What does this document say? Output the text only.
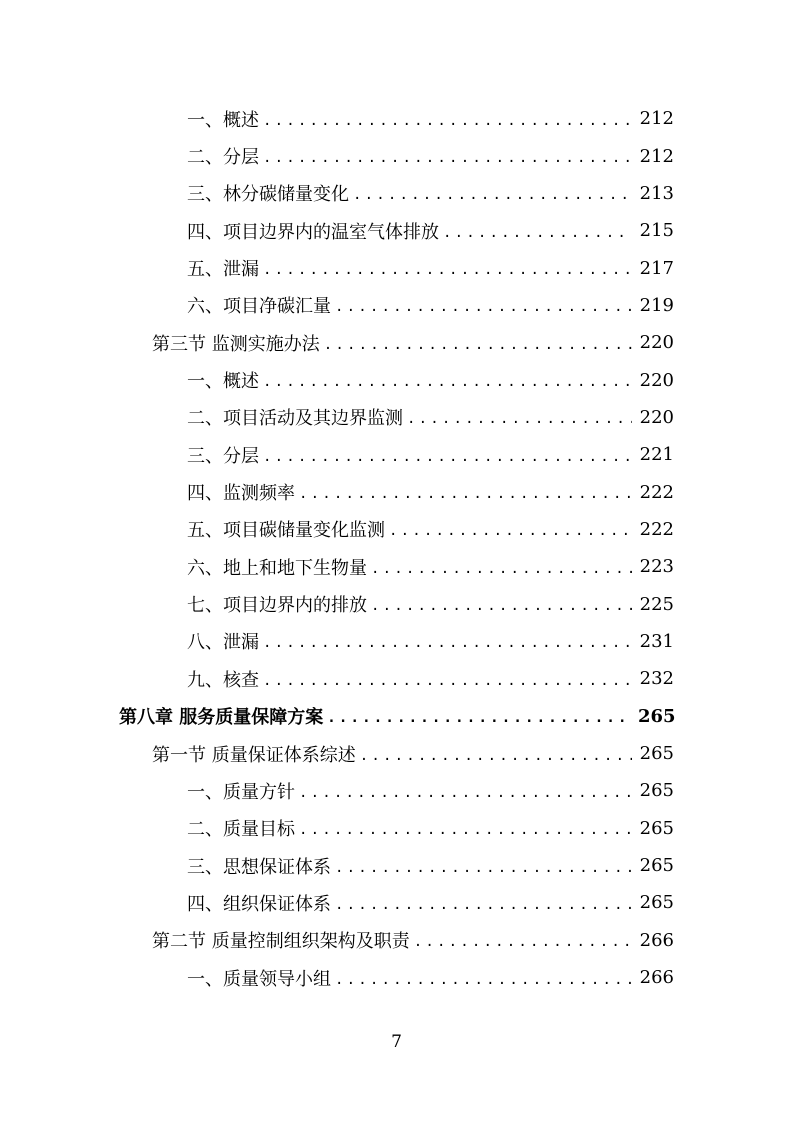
一、概述 .....	212
二、分层 .....	212
三、林分碳储量变化 .....	213
四、项目边界内的温室气体排放 .....	215
五、泄漏 .....	217
六、项目净碳汇量 .....	219
第三节 监测实施办法 .....	220
一、概述 .....	220
二、项目活动及其边界监测 .....	220
三、分层 .....	221
四、监测频率 .....	222
五、项目碳储量变化监测 .....	222
六、地上和地下生物量 .....	223
七、项目边界内的排放 .....	225
八、泄漏 .....	231
九、核查 .....	232
第八章 服务质量保障方案 .....	265
第一节 质量保证体系综述 .....	265
一、质量方针 .....	265
二、质量目标 .....	265
三、思想保证体系 .....	265
四、组织保证体系 .....	265
第二节 质量控制组织架构及职责 .....	266
一、质量领导小组 .....	266
7
